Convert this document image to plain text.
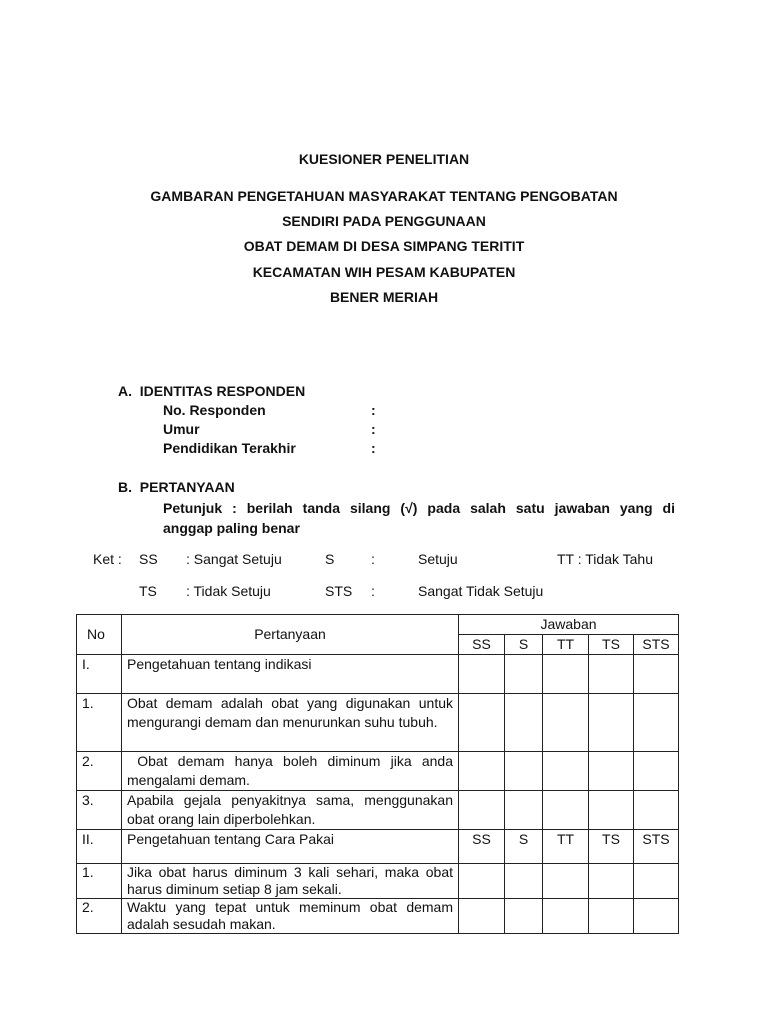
KUESIONER PENELITIAN

GAMBARAN PENGETAHUAN MASYARAKAT TENTANG PENGOBATAN

SENDIRI PADA PENGGUNAAN

OBAT DEMAM DI DESA SIMPANG TERITIT

KECAMATAN WIH PESAM KABUPATEN

BENER MERIAH

A.  IDENTITAS RESPONDEN

No. Responden	:

Umur	:

Pendidikan Terakhir	:

B.  PERTANYAAN

Petunjuk : berilah tanda silang (√) pada salah satu jawaban yang di

anggap paling benar

Ket : SS : Sangat Setuju	S	:	Setuju	TT : Tidak Tahu

TS : Tidak Setuju	STS :	Sangat Tidak Setuju

No	Pertanyaan	Jawaban				
		SS	S	TT	TS	STS
I.	Pengetahuan tentang indikasi					
1.	Obat demam adalah obat yang digunakan untuk mengurangi demam dan menurunkan suhu tubuh.					
2.	Obat demam hanya boleh diminum jika anda mengalami demam.					
3.	Apabila gejala penyakitnya sama, menggunakan obat orang lain diperbolehkan.					
II.	Pengetahuan tentang Cara Pakai	SS	S	TT	TS	STS
1.	Jika obat harus diminum 3 kali sehari, maka obat harus diminum setiap 8 jam sekali.					
2.	Waktu yang tepat untuk meminum obat demam adalah sesudah makan.					
